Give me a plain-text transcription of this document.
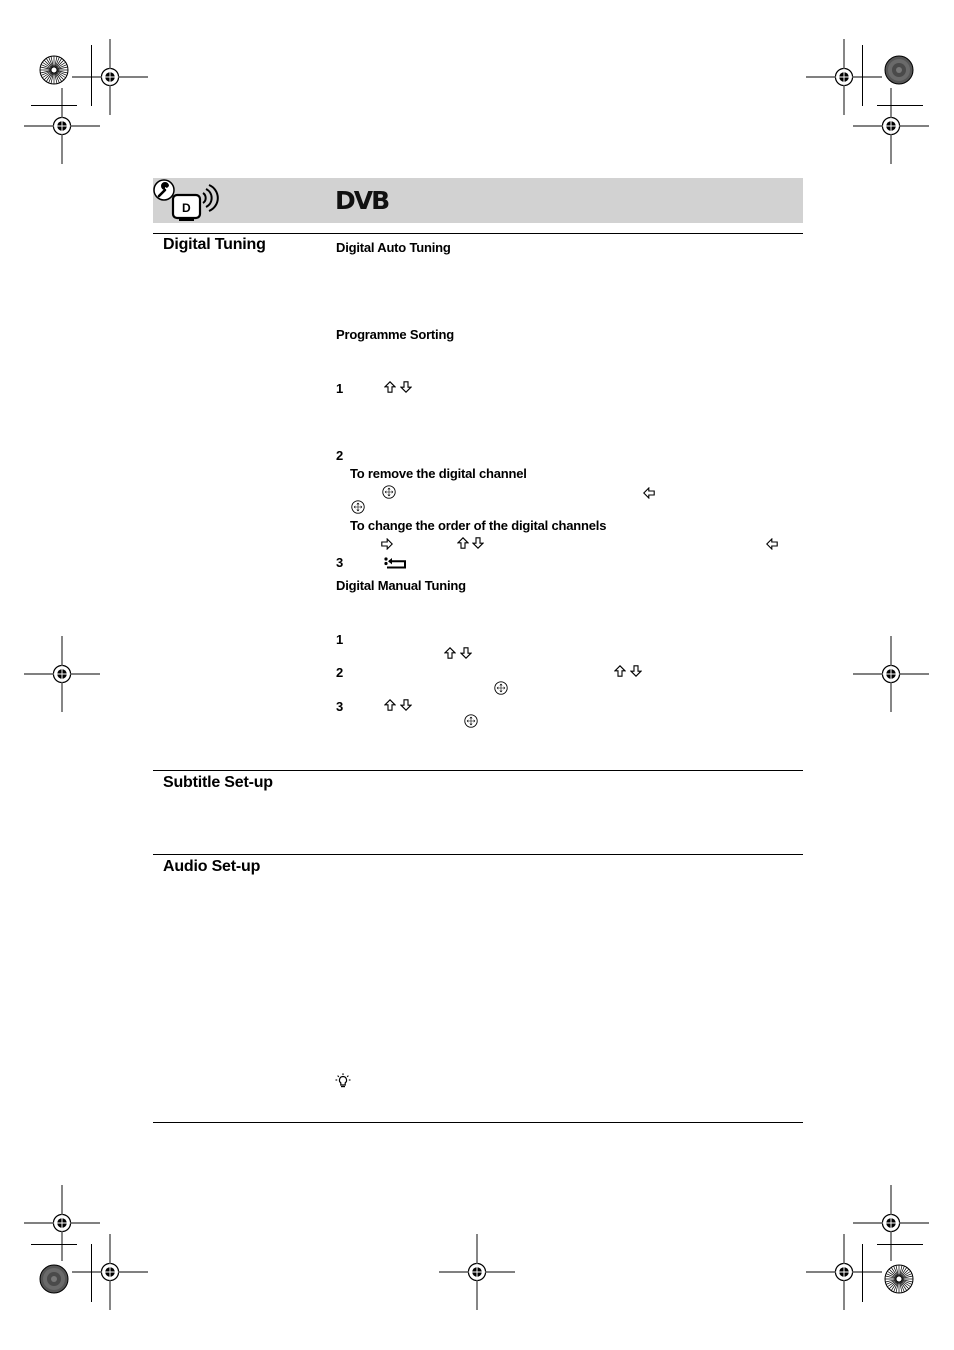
D	DVB
Digital Tuning	Digital Auto Tuning
Programme Sorting
1
2
To remove the digital channel
To change the order of the digital channels
3
Digital Manual Tuning
1
2
3
Subtitle Set-up
Audio Set-up
